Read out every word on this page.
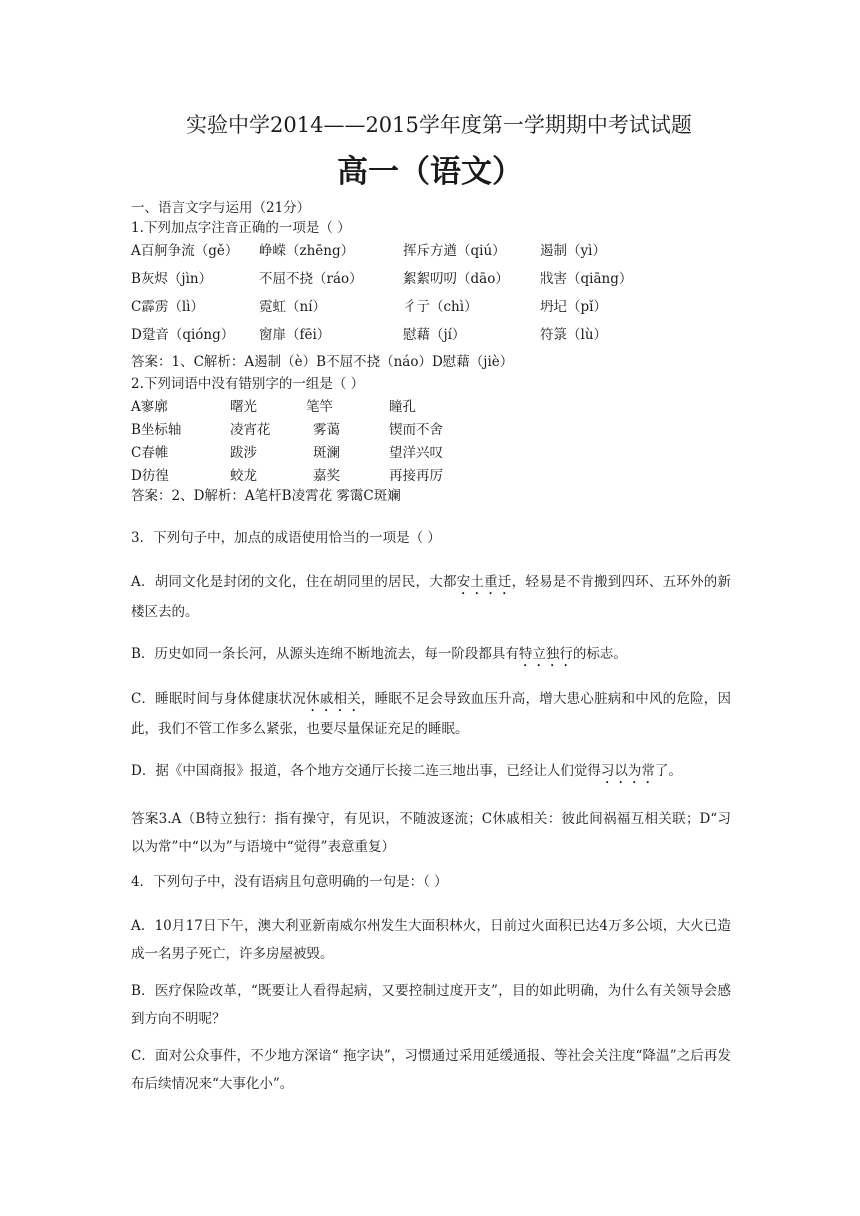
实验中学2014——2015学年度第一学期期中考试试题
高一（语文）
一、语言文字与运用（21分）
1.下列加点字注音正确的一项是（ ）
A百舸争流（gě） 峥嵘（zhēng）	挥斥方遒（qiú）	遏制（yì）
B灰烬（jìn）	不屈不挠（ráo）	絮絮叨叨（dāo） 戕害（qiāng）
C霹雳（lì）	霓虹（ní）	彳亍（chì）	坍圮（pǐ）
D跫音（qióng） 窗扉（fēi）	慰藉（jí）	符箓（lù）
答案：1、C解析：A遏制（è）B不屈不挠（náo）D慰藉（jiè）
2.下列词语中没有错别字的一组是（ ）
A寥廓	曙光	笔竿	瞳孔
B坐标轴	凌宵花	雾蔼	锲而不舍
C春帷	跋涉	斑澜	望洋兴叹
D彷徨	蛟龙	嘉奖	再接再厉
答案：2、D解析：A笔杆B凌霄花 雾霭C斑斓
3．下列句子中，加点的成语使用恰当的一项是（ ）
A．胡同文化是封闭的文化，住在胡同里的居民，大都安土重迁，轻易是不肯搬到四环、五环外的新楼区去的。
B．历史如同一条长河，从源头连绵不断地流去，每一阶段都具有特立独行的标志。
C．睡眠时间与身体健康状况休戚相关，睡眠不足会导致血压升高，增大患心脏病和中风的危险，因此，我们不管工作多么紧张，也要尽量保证充足的睡眠。
D．据《中国商报》报道，各个地方交通厅长接二连三地出事，已经让人们觉得习以为常了。
答案3.A（B特立独行：指有操守，有见识，不随波逐流；C休戚相关：彼此间祸福互相关联；D“习以为常”中“以为”与语境中“觉得”表意重复）
4．下列句子中，没有语病且句意明确的一句是：（ ）
A．10月17日下午，澳大利亚新南威尔州发生大面积林火，日前过火面积已达4万多公顷，大火已造成一名男子死亡，许多房屋被毁。
B．医疗保险改革，“既要让人看得起病，又要控制过度开支”，目的如此明确，为什么有关领导会感到方向不明呢？
C．面对公众事件，不少地方深谙“ 拖字诀”，习惯通过采用延缓通报、等社会关注度“降温”之后再发布后续情况来“大事化小”。
